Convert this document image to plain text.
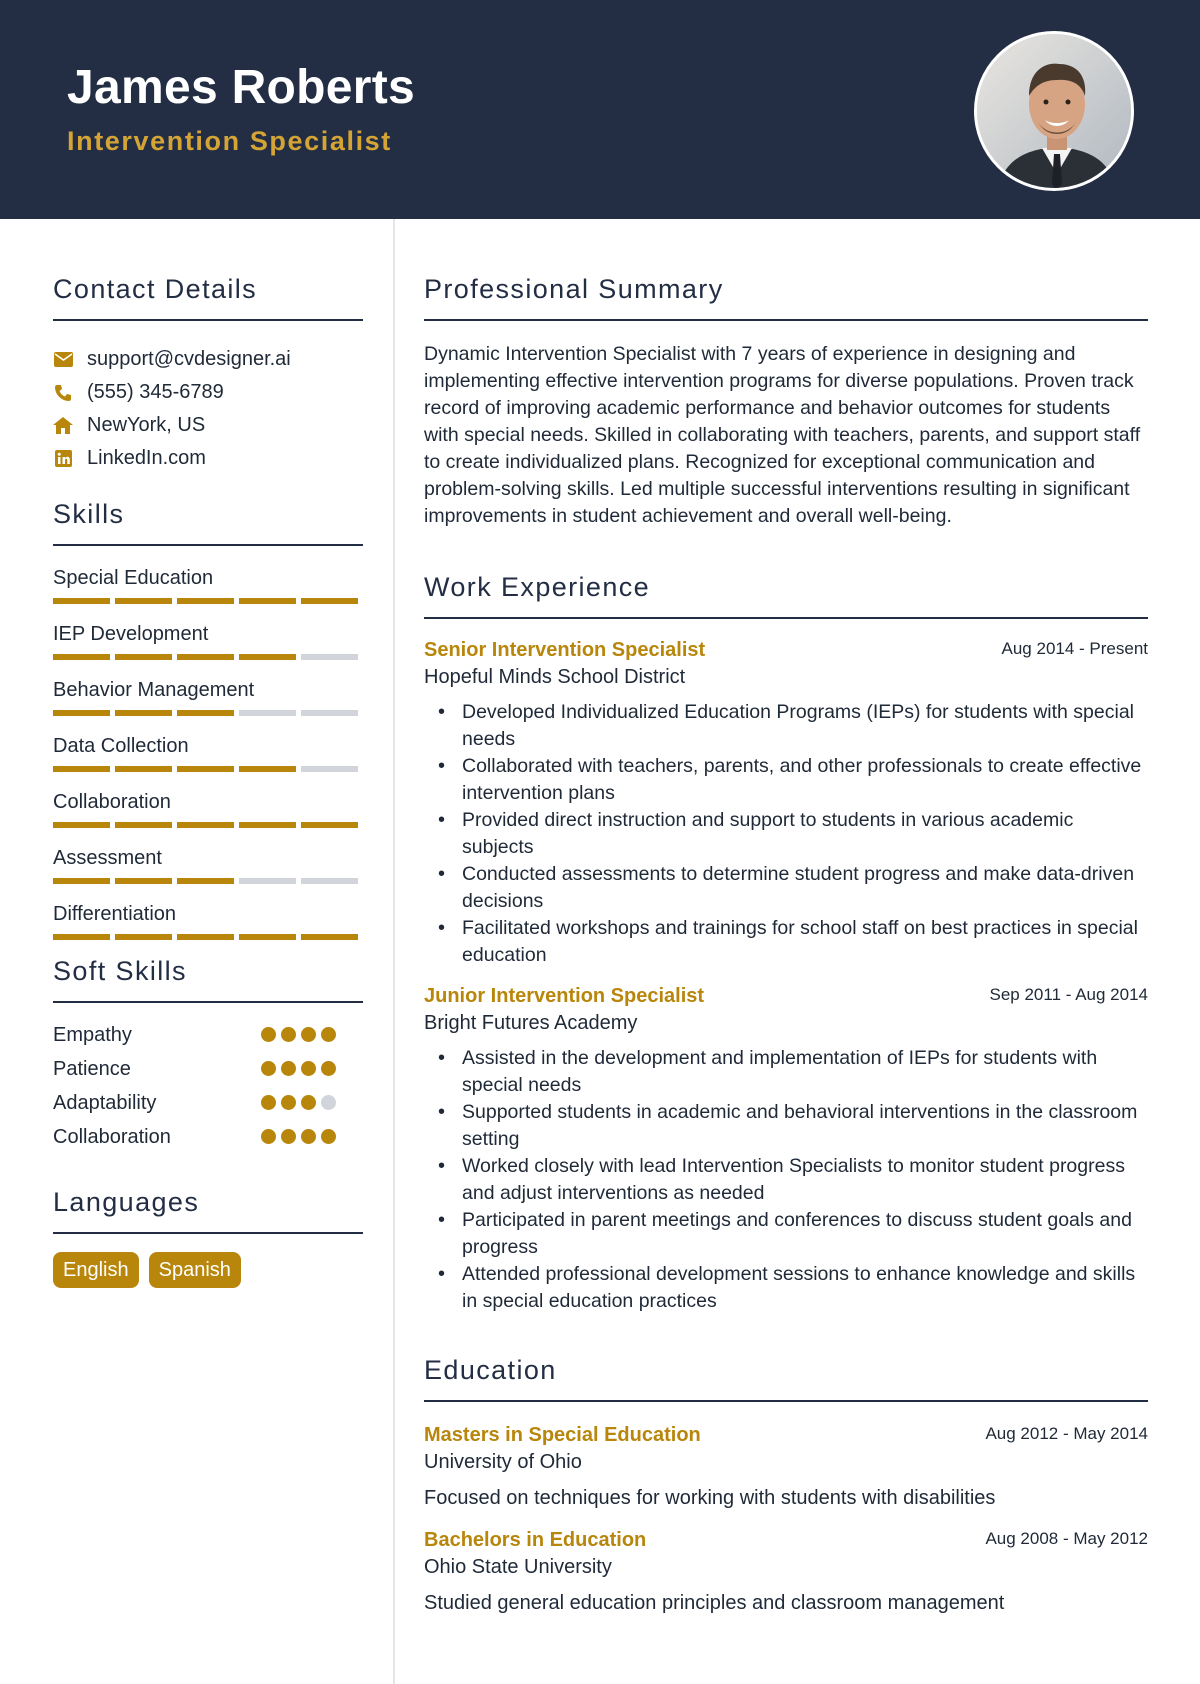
James Roberts
Intervention Specialist
Contact Details
support@cvdesigner.ai
(555) 345-6789
NewYork, US
LinkedIn.com
Skills
Special Education
IEP Development
Behavior Management
Data Collection
Collaboration
Assessment
Differentiation
Soft Skills
Empathy
Patience
Adaptability
Collaboration
Languages
English	Spanish
Professional Summary

Dynamic Intervention Specialist with 7 years of experience in designing and implementing effective intervention programs for diverse populations. Proven track record of improving academic performance and behavior outcomes for students with special needs. Skilled in collaborating with teachers, parents, and support staff to create individualized plans. Recognized for exceptional communication and problem-solving skills. Led multiple successful interventions resulting in significant improvements in student achievement and overall well-being.

Work Experience
Senior Intervention Specialist	Aug 2014 - Present
Hopeful Minds School District
• Developed Individualized Education Programs (IEPs) for students with special needs
• Collaborated with teachers, parents, and other professionals to create effective intervention plans
• Provided direct instruction and support to students in various academic subjects
• Conducted assessments to determine student progress and make data-driven decisions
• Facilitated workshops and trainings for school staff on best practices in special education
Junior Intervention Specialist	Sep 2011 - Aug 2014
Bright Futures Academy
• Assisted in the development and implementation of IEPs for students with special needs
• Supported students in academic and behavioral interventions in the classroom setting
• Worked closely with lead Intervention Specialists to monitor student progress and adjust interventions as needed
• Participated in parent meetings and conferences to discuss student goals and progress
• Attended professional development sessions to enhance knowledge and skills in special education practices
Education
Masters in Special Education	Aug 2012 - May 2014
University of Ohio
Focused on techniques for working with students with disabilities
Bachelors in Education	Aug 2008 - May 2012
Ohio State University
Studied general education principles and classroom management
